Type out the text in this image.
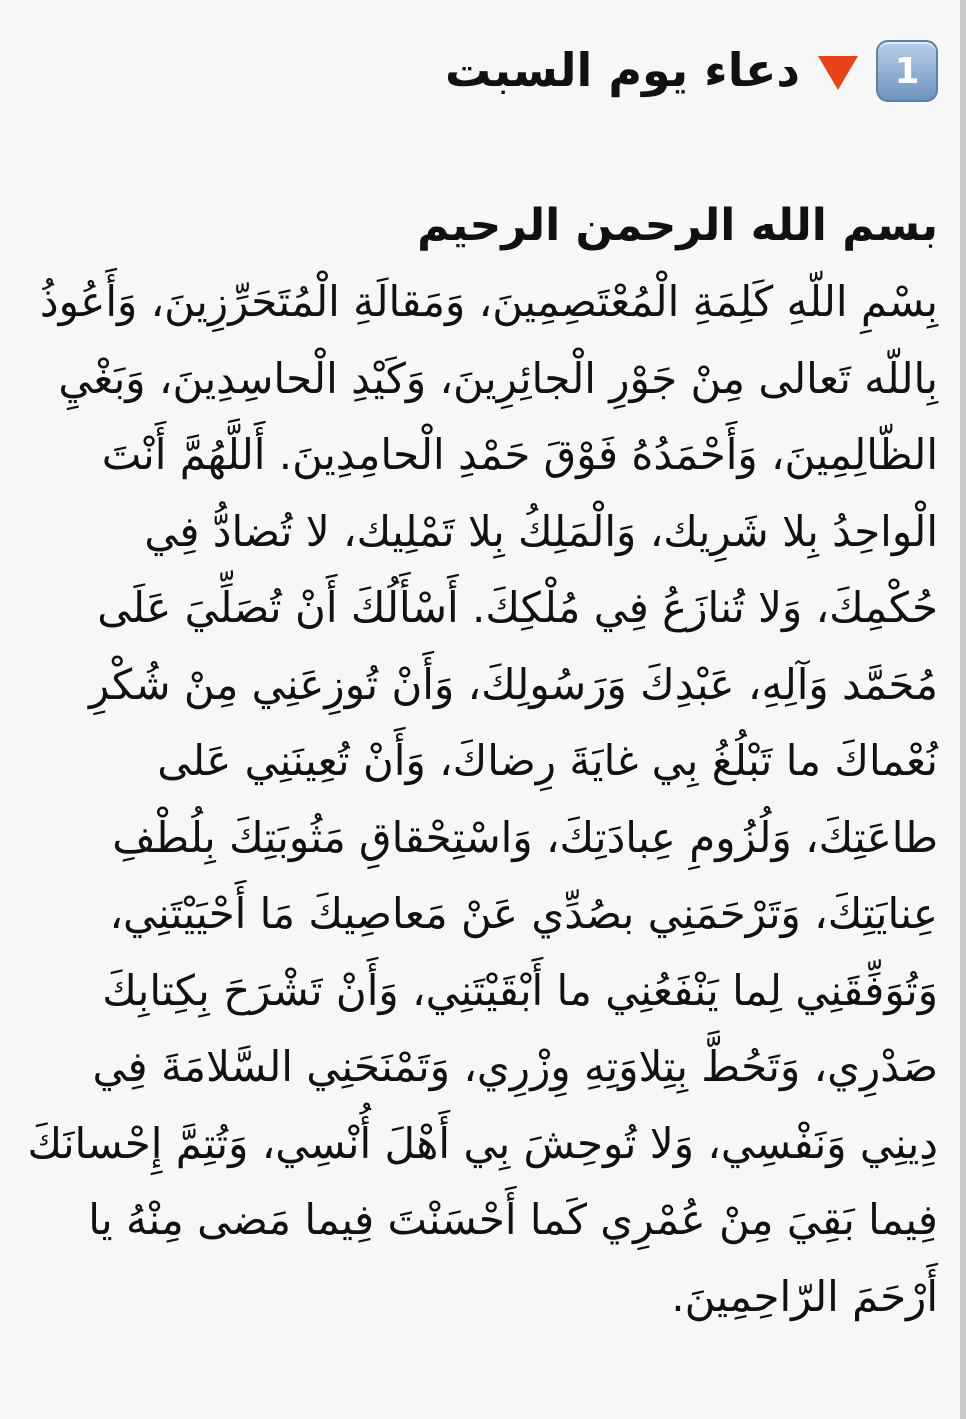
1
دعاء يوم السبت

بسم الله الرحمن الرحيم

بِسْمِ اللّهِ كَلِمَةِ الْمُعْتَصِمِينَ، وَمَقالَةِ الْمُتَحَرِّزِينَ، وَأَعُوذُ بِاللّه تَعالى مِنْ جَوْرِ الْجائِرِينَ، وَكَيْدِ الْحاسِدِينَ، وَبَغْيِ الظّالِمِينَ، وَأَحْمَدُهُ فَوْقَ حَمْدِ الْحامِدِينَ. أَللَّهُمَّ أَنْتَ الْواحِدُ بِلا شَرِيك، وَالْمَلِكُ بِلا تَمْلِيك، لا تُضادُّ فِي حُكْمِكَ، وَلا تُنازَعُ فِي مُلْكِكَ. أَسْأَلُكَ أَنْ تُصَلِّيَ عَلَى مُحَمَّد وَآلِهِ، عَبْدِكَ وَرَسُولِكَ، وَأَنْ تُوزِعَنِي مِنْ شُكْرِ نُعْماكَ ما تَبْلُغُ بِي غايَةَ رِضاكَ، وَأَنْ تُعِينَنِي عَلى طاعَتِكَ، وَلُزُومِ عِبادَتِكَ، وَاسْتِحْقاقِ مَثُوبَتِكَ بِلُطْفِ عِنايَتِكَ، وَتَرْحَمَنِي بصُدِّي عَنْ مَعاصِيكَ مَا أَحْيَيْتَنِي، وَتُوَفِّقَنِي لِما يَنْفَعُنِي ما أَبْقَيْتَنِي، وَأَنْ تَشْرَحَ بِكِتابِكَ صَدْرِي، وَتَحُطَّ بِتِلاوَتِهِ وِزْرِي، وَتَمْنَحَنِي السَّلامَةَ فِي دِينِي وَنَفْسِي، وَلا تُوحِشَ بِي أَهْلَ أُنْسِي، وَتُتِمَّ إِحْسانَكَ فِيما بَقِيَ مِنْ عُمْرِي كَما أَحْسَنْتَ فِيما مَضى مِنْهُ يا أَرْحَمَ الرّاحِمِينَ.
